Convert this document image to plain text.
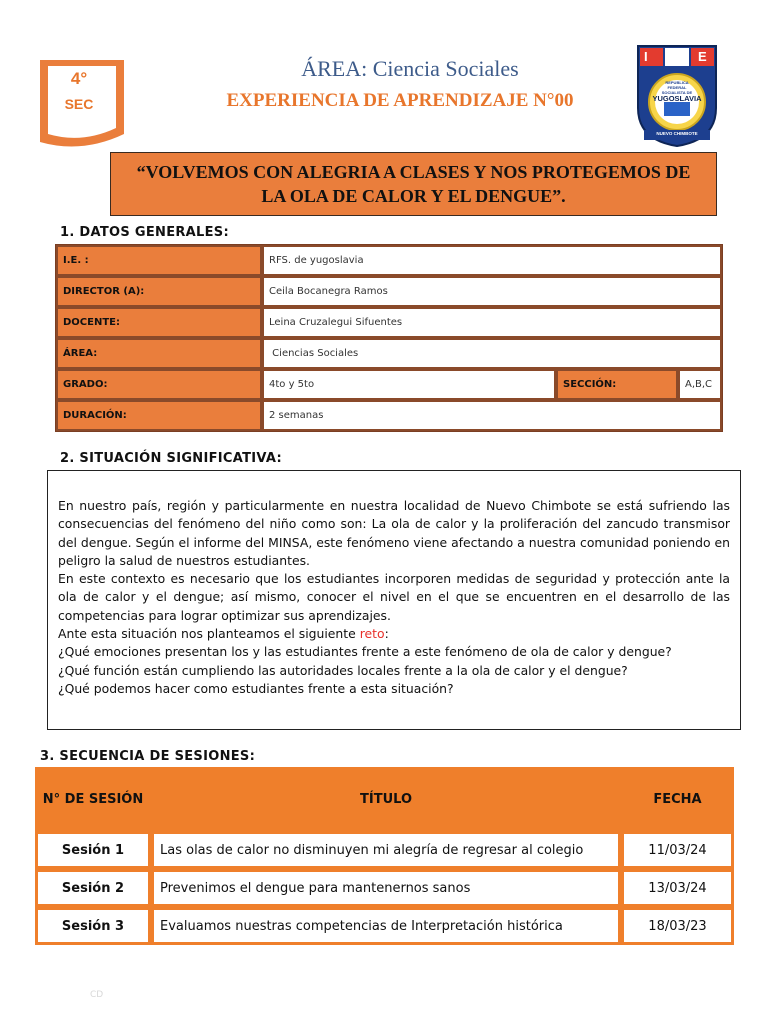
4°
SEC
ÁREA: Ciencia Sociales
EXPERIENCIA DE APRENDIZAJE N°00
I	E
REPUBLICA FEDERAL SOCIALISTA DE
YUGOSLAVIA
NUEVO CHIMBOTE
“VOLVEMOS CON ALEGRIA A CLASES Y NOS PROTEGEMOS DE LA OLA DE CALOR Y EL DENGUE”.
1. DATOS GENERALES:
I.E. :	RFS. de yugoslavia		
DIRECTOR (A):	Ceila Bocanegra Ramos		
DOCENTE:	Leina Cruzalegui Sifuentes		
ÁREA:	Ciencias Sociales		
GRADO:	4to y 5to	SECCIÓN:	A,B,C
DURACIÓN:	2 semanas		
2. SITUACIÓN SIGNIFICATIVA:

En nuestro país, región y particularmente en nuestra localidad de Nuevo Chimbote se está sufriendo las consecuencias del fenómeno del niño como son: La ola de calor y la proliferación del zancudo transmisor del dengue. Según el informe del MINSA, este fenómeno viene afectando a nuestra comunidad poniendo en peligro la salud de nuestros estudiantes.

En este contexto es necesario que los estudiantes incorporen medidas de seguridad y protección ante la ola de calor y el dengue; así mismo, conocer el nivel en el que se encuentren en el desarrollo de las competencias para lograr optimizar sus aprendizajes.

Ante esta situación nos planteamos el siguiente reto:

¿Qué emociones presentan los y las estudiantes frente a este fenómeno de ola de calor y dengue?

¿Qué función están cumpliendo las autoridades locales frente a la ola de calor y el dengue?

¿Qué podemos hacer como estudiantes frente a esta situación?

3. SECUENCIA DE SESIONES:
N° DE SESIÓN	TÍTULO	FECHA
Sesión 1	Las olas de calor no disminuyen mi alegría de regresar al colegio	11/03/24
Sesión 2	Prevenimos el dengue para mantenernos sanos	13/03/24
Sesión 3	Evaluamos nuestras competencias de Interpretación histórica	18/03/23
CD
